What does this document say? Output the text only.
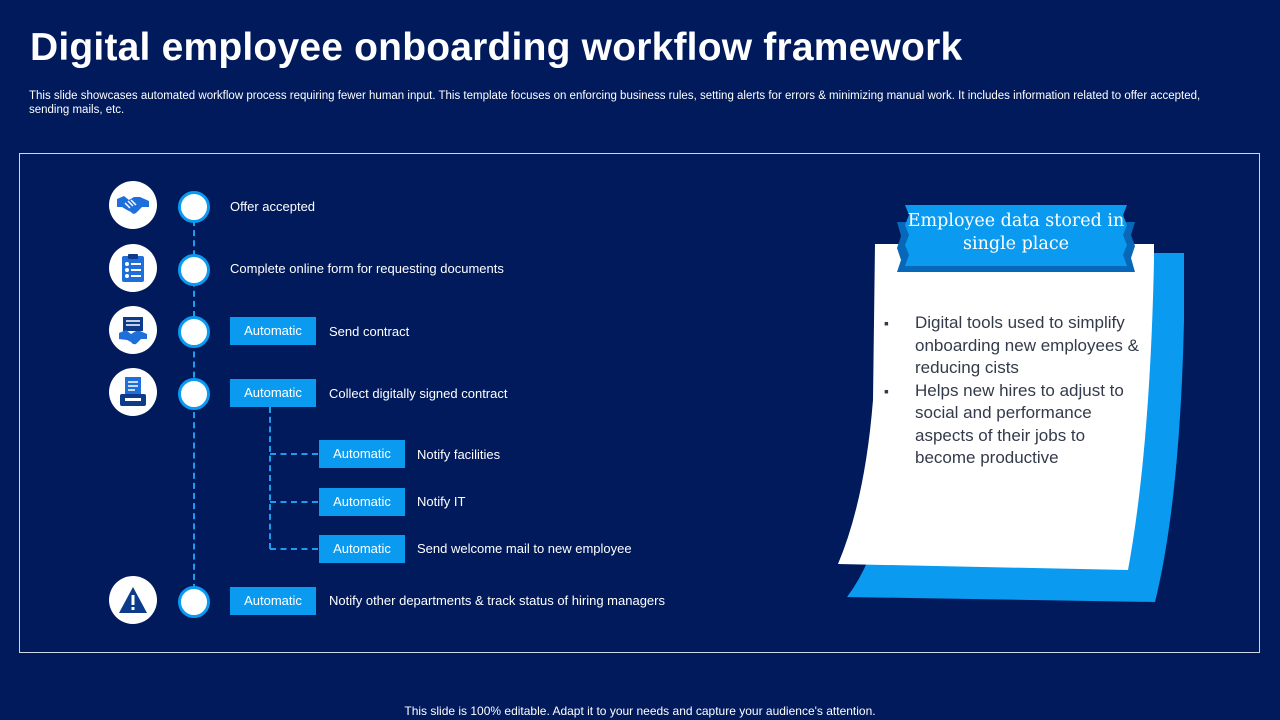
Digital employee onboarding workflow framework
This slide showcases automated workflow process requiring fewer human input. This template focuses on enforcing business rules, setting alerts for errors & minimizing manual work. It includes information related to offer accepted, sending mails, etc.
Offer accepted
Complete online form for requesting documents
Automatic	Send contract
Automatic	Collect digitally signed contract
Automatic	Notify facilities
Automatic	Notify IT
Automatic	Send welcome mail to new employee
Automatic	Notify other departments & track status of hiring managers
Employee data stored in single place
▪ Digital tools used to simplify onboarding new employees & reducing cists
▪ Helps new hires to adjust to social and performance aspects of their jobs to become productive
This slide is 100% editable. Adapt it to your needs and capture your audience's attention.
